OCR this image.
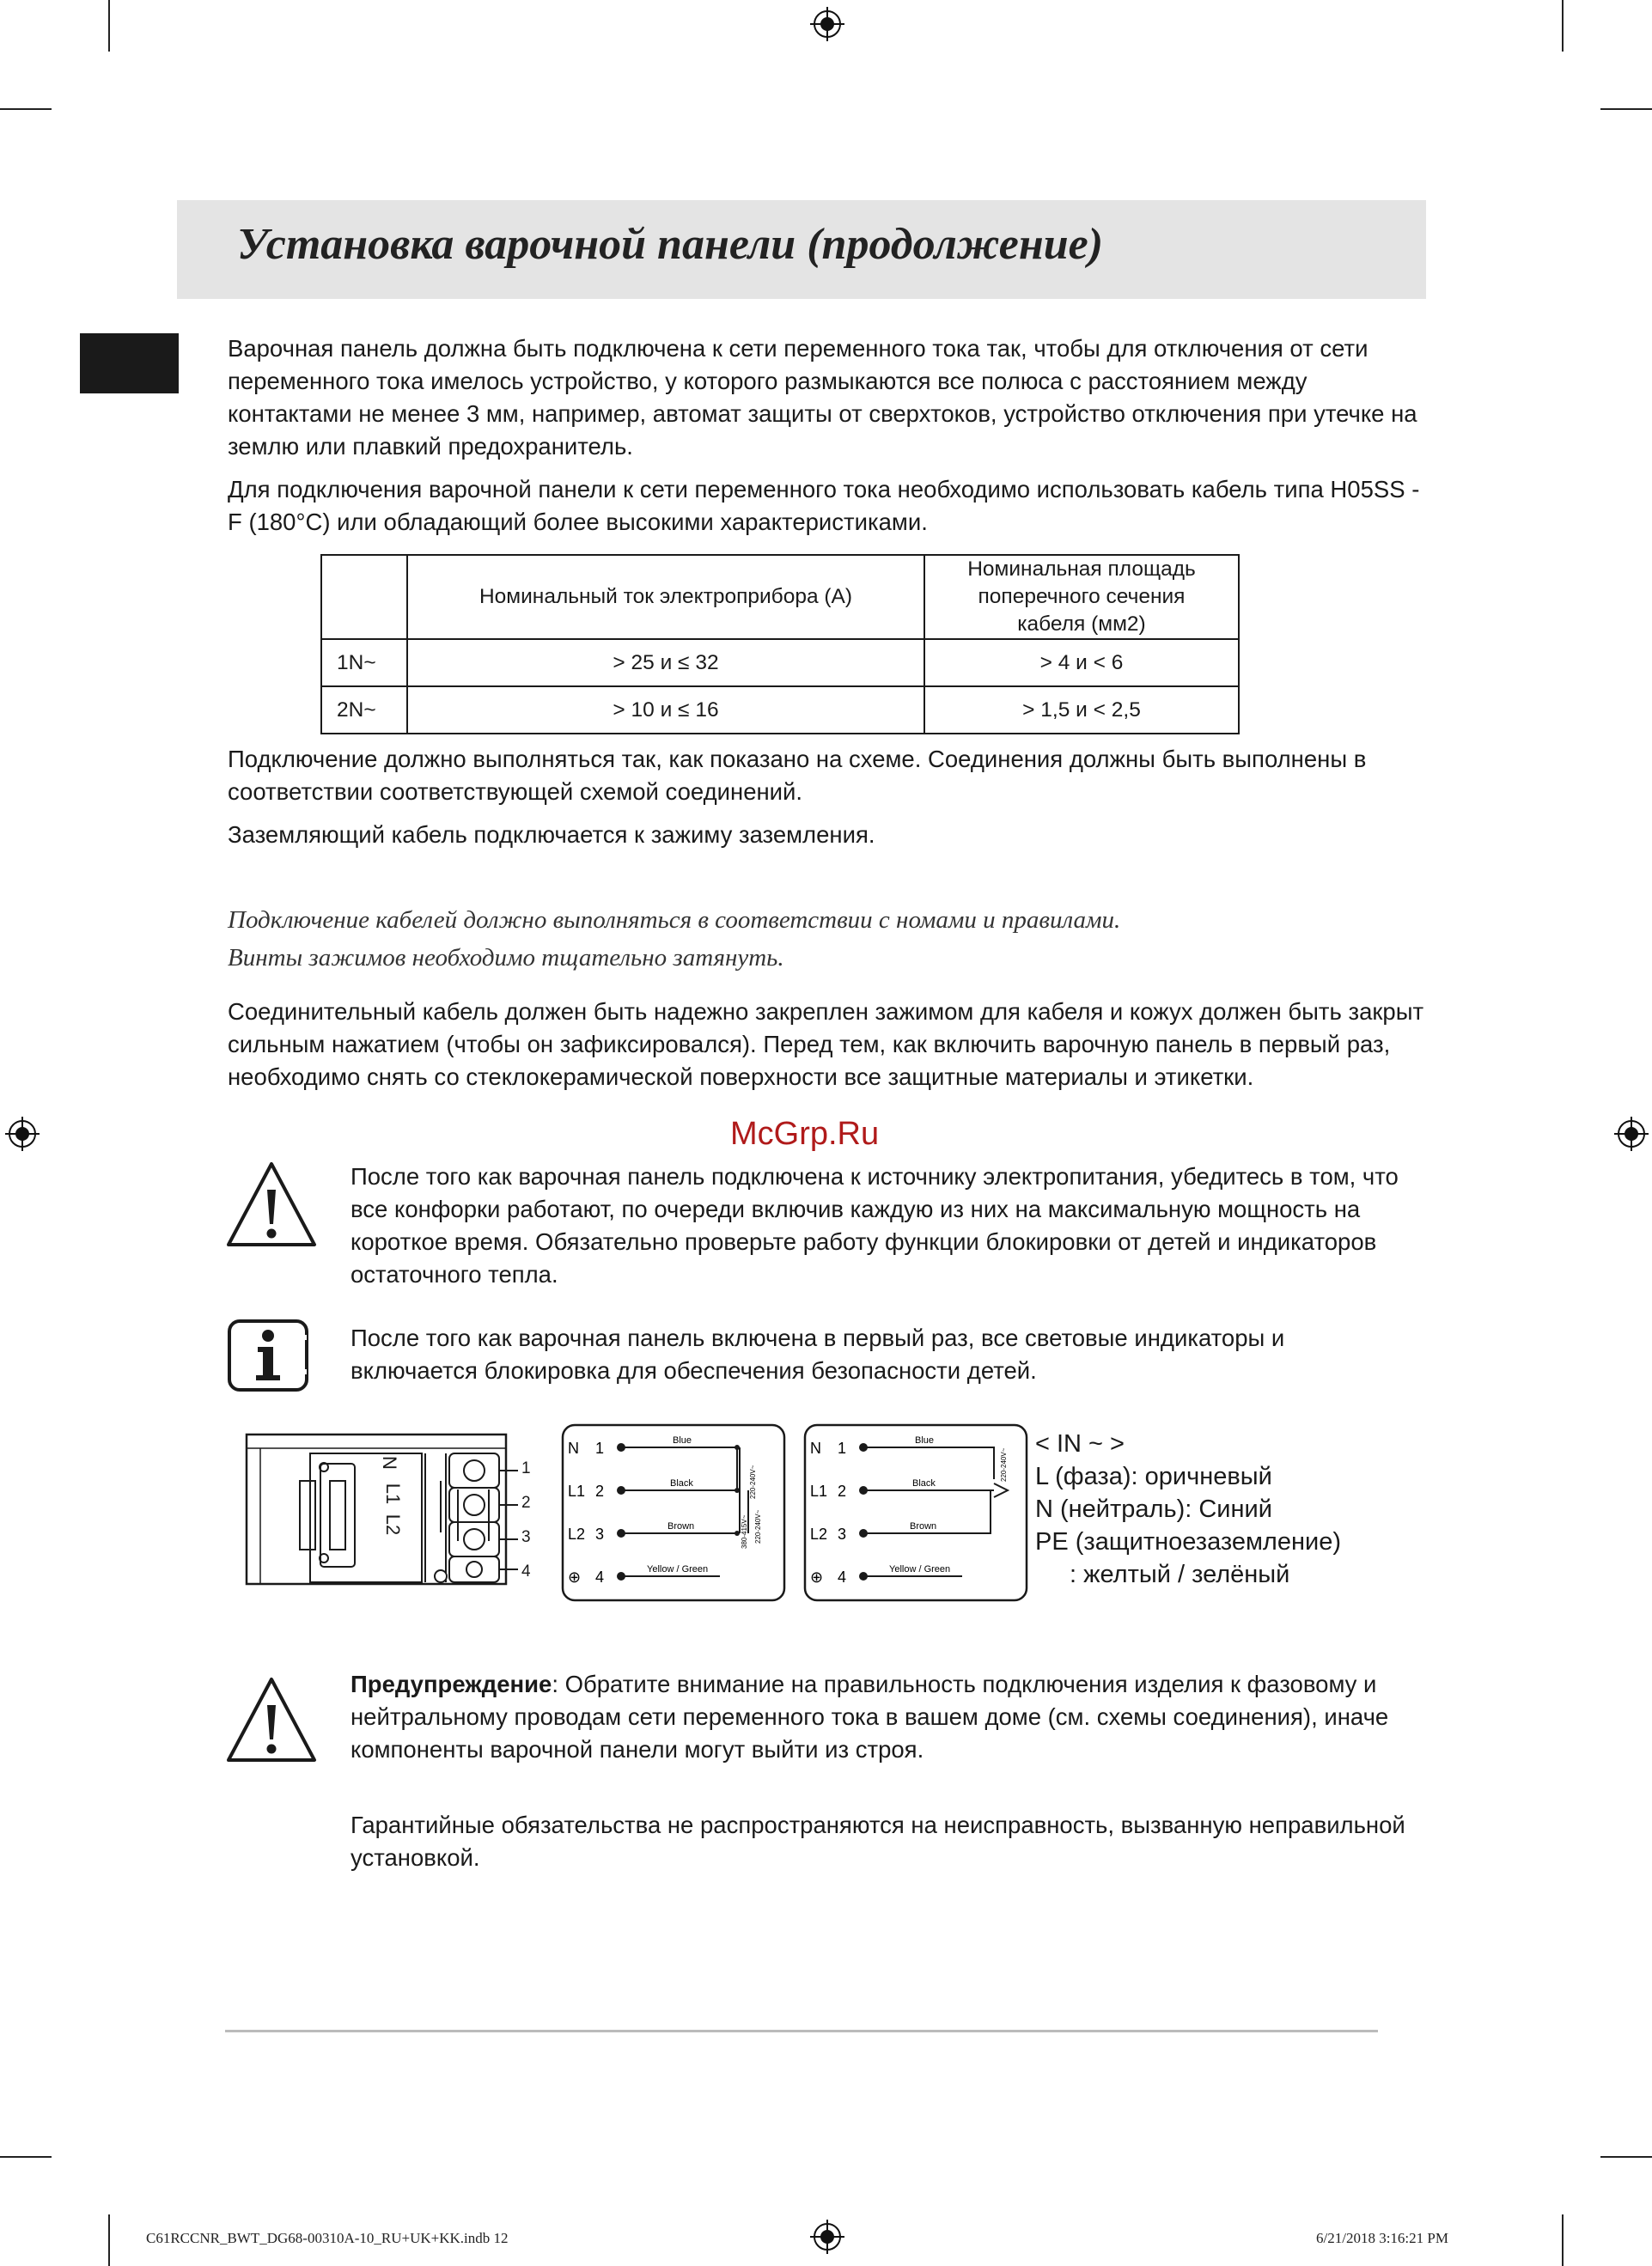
Установка варочной панели (продолжение)

Варочная панель должна быть подключена к сети переменного тока так, чтобы для отключения от сети переменного тока имелось устройство, у которого размыкаются все полюса с расстоянием между контактами не менее 3 мм, например, автомат защиты от сверхтоков, устройство отключения при утечке на землю или плавкий предохранитель.

Для подключения варочной панели к сети переменного тока необходимо использовать кабель типа H05SS - F (180°C) или обладающий более высокими характеристиками.

	Номинальный ток электроприбора (А)	Номинальная площадь поперечного сечения кабеля (мм2)
1N~	> 25 и ≤ 32	> 4 и < 6
2N~	> 10 и ≤ 16	> 1,5 и < 2,5

Подключение должно выполняться так, как показано на схеме. Соединения должны быть выполнены в соответствии соответствующей схемой соединений.

Заземляющий кабель подключается к зажиму заземления.

Подключение кабелей должно выполняться в соответствии с номами и правилами.

Винты зажимов необходимо тщательно затянуть.

Соединительный кабель должен быть надежно закреплен зажимом для кабеля и кожух должен быть закрыт сильным нажатием (чтобы он зафиксировался). Перед тем, как включить варочную панель в первый раз, необходимо снять со стеклокерамической поверхности все защитные материалы и этикетки.

McGrp.Ru

После того как варочная панель подключена к источнику электропитания, убедитесь в том, что все конфорки работают, по очереди включив каждую из них на максимальную мощность на короткое время. Обязательно проверьте работу функции блокировки от детей и индикаторов остаточного тепла.

После того как варочная панель включена в первый раз, все световые индикаторы и включается блокировка для обеспечения безопасности детей.

N
L1
L2
1
2
3
4
N 1	Blue
L1 2	Black
L2 3	Brown
⊕ 4	Yellow / Green
220-240V~
380-415V~ 220-240V~
N 1	Blue
L1 2	Black
L2 3	Brown
⊕ 4	Yellow / Green
220-240V~
< IN ~ >
L (фаза): оричневый
N (нейтраль): Синий
PE (защитноезаземление)
: желтый / зелёный

Предупреждение: Обратите внимание на правильность подключения изделия к фазовому и нейтральному проводам сети переменного тока в вашем доме (см. схемы соединения), иначе компоненты варочной панели могут выйти из строя.

Гарантийные обязательства не распространяются на неисправность, вызванную неправильной установкой.

C61RCCNR_BWT_DG68-00310A-10_RU+UK+KK.indb 12	6/21/2018 3:16:21 PM
